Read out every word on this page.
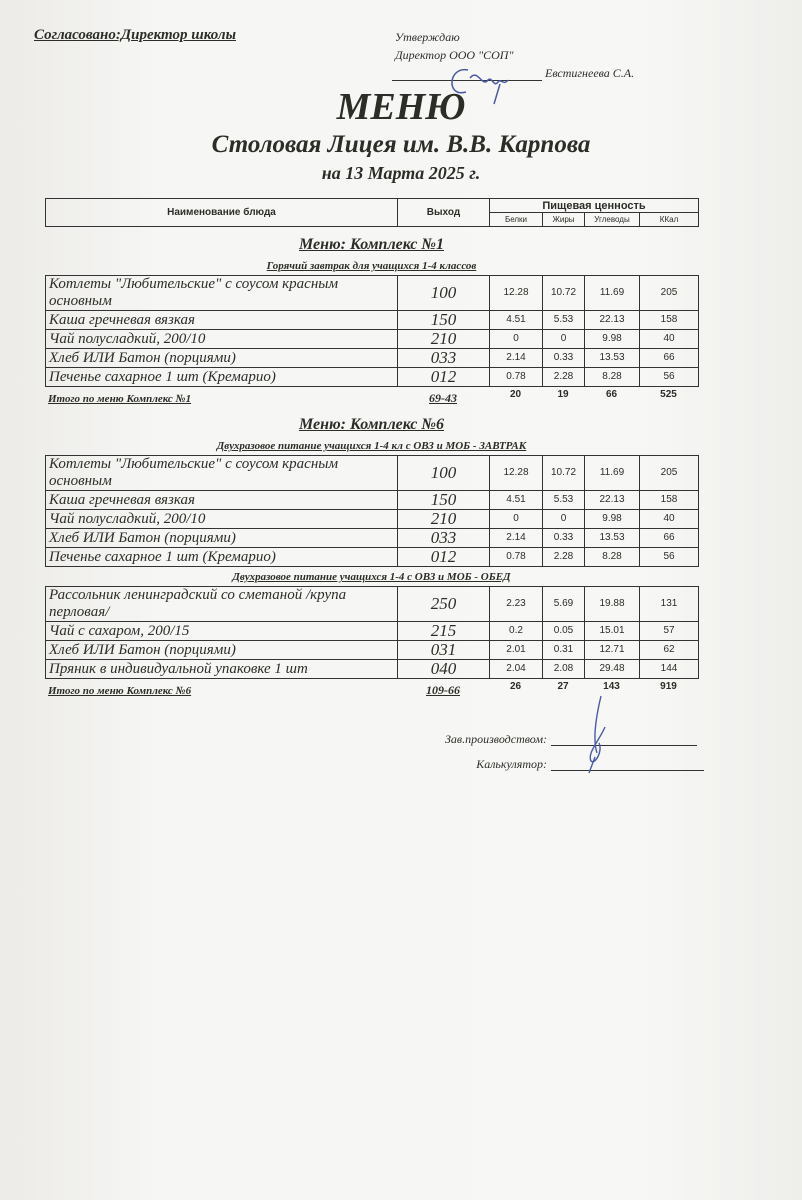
Согласовано:Директор школы	Утверждаю
Директор ООО "СОП"
Евстигнеева С.А.
МЕНЮ
Столовая Лицея им. В.В. Карпова
на 13 Марта 2025 г.
Наименование блюда	Выход	Пищевая ценность			
		Белки	Жиры	Углеводы	ККал
Меню: Комплекс №1
Горячий завтрак для учащихся 1-4 классов
Котлеты "Любительские" с соусом красным основным	100	12.28	10.72	11.69	205
Каша гречневая вязкая	150	4.51	5.53	22.13	158
Чай полусладкий, 200/10	210	0	0	9.98	40
Хлеб ИЛИ Батон (порциями)	033	2.14	0.33	13.53	66
Печенье сахарное 1 шт (Кремарио)	012	0.78	2.28	8.28	56
Итого по меню Комплекс №1	69-43	20	19	66	525
Меню: Комплекс №6
Двухразовое питание учащихся 1-4 кл с ОВЗ и МОБ - ЗАВТРАК
Котлеты "Любительские" с соусом красным основным	100	12.28	10.72	11.69	205
Каша гречневая вязкая	150	4.51	5.53	22.13	158
Чай полусладкий, 200/10	210	0	0	9.98	40
Хлеб ИЛИ Батон (порциями)	033	2.14	0.33	13.53	66
Печенье сахарное 1 шт (Кремарио)	012	0.78	2.28	8.28	56
Двухразовое питание учащихся 1-4 с ОВЗ и МОБ - ОБЕД
Рассольник ленинградский со сметаной /крупа перловая/	250	2.23	5.69	19.88	131
Чай с сахаром, 200/15	215	0.2	0.05	15.01	57
Хлеб ИЛИ Батон (порциями)	031	2.01	0.31	12.71	62
Пряник в индивидуальной упаковке 1 шт	040	2.04	2.08	29.48	144
Итого по меню Комплекс №6	109-66	26	27	143	919
Зав.производством:
Калькулятор:
